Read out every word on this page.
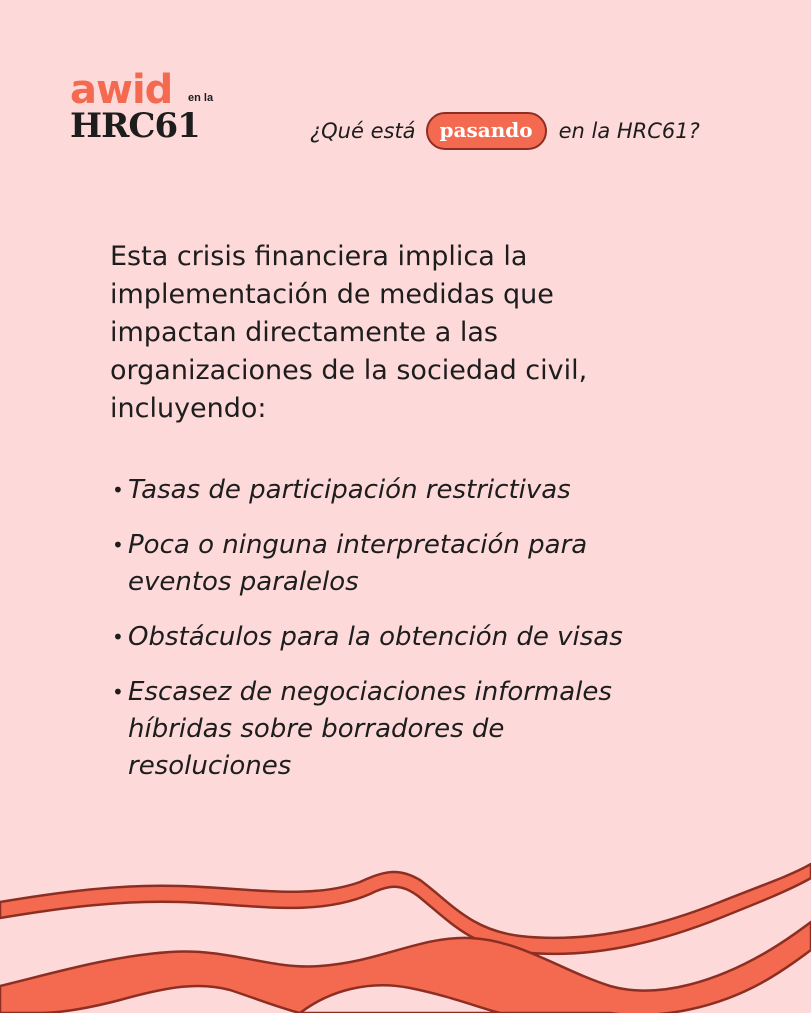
awid en la
HRC61	¿Qué está	pasando	en la HRC61?

Esta crisis financiera implica la implementación de medidas que impactan directamente a las organizaciones de la sociedad civil, incluyendo:

• Tasas de participación restrictivas
• Poca o ninguna interpretación para eventos paralelos
• Obstáculos para la obtención de visas
• Escasez de negociaciones informales híbridas sobre borradores de resoluciones
